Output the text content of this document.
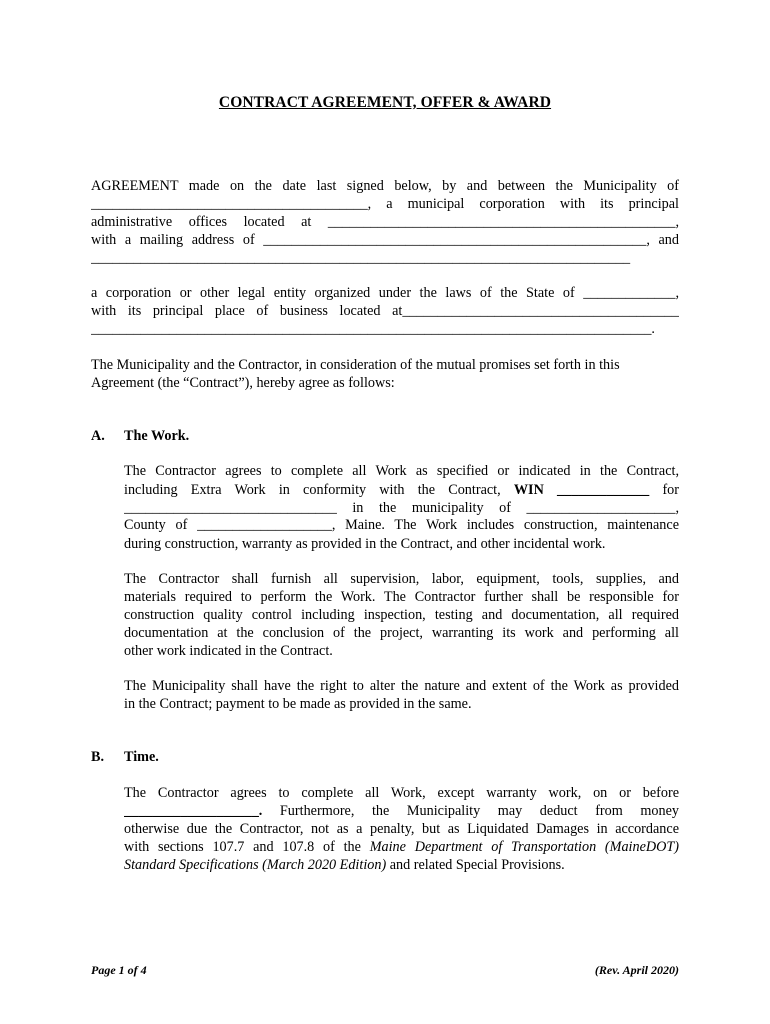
CONTRACT AGREEMENT, OFFER & AWARD
AGREEMENT made on the date last signed below, by and between the Municipality of
_______________________________________, a municipal corporation with its principal
administrative offices located at _________________________________________________,
with a mailing address of ______________________________________________________, and
____________________________________________________________________________
a corporation or other legal entity organized under the laws of the State of _____________,
with its principal place of business located at_______________________________________
_______________________________________________________________________________.
The Municipality and the Contractor, in consideration of the mutual promises set forth in this
Agreement (the “Contract”), hereby agree as follows:
A. The Work.
The Contractor agrees to complete all Work as specified or indicated in the Contract,
including Extra Work in conformity with the Contract, WIN _____________ for
______________________________ in the municipality of _____________________,
County of ___________________, Maine. The Work includes construction, maintenance
during construction, warranty as provided in the Contract, and other incidental work.
The Contractor shall furnish all supervision, labor, equipment, tools, supplies, and
materials required to perform the Work. The Contractor further shall be responsible for
construction quality control including inspection, testing and documentation, all required
documentation at the conclusion of the project, warranting its work and performing all
other work indicated in the Contract.
The Municipality shall have the right to alter the nature and extent of the Work as provided
in the Contract; payment to be made as provided in the same.
B. Time.
The Contractor agrees to complete all Work, except warranty work, on or before
___________________. Furthermore, the Municipality may deduct from money
otherwise due the Contractor, not as a penalty, but as Liquidated Damages in accordance
with sections 107.7 and 107.8 of the Maine Department of Transportation (MaineDOT)
Standard Specifications (March 2020 Edition) and related Special Provisions.
Page 1 of 4	(Rev. April 2020)
